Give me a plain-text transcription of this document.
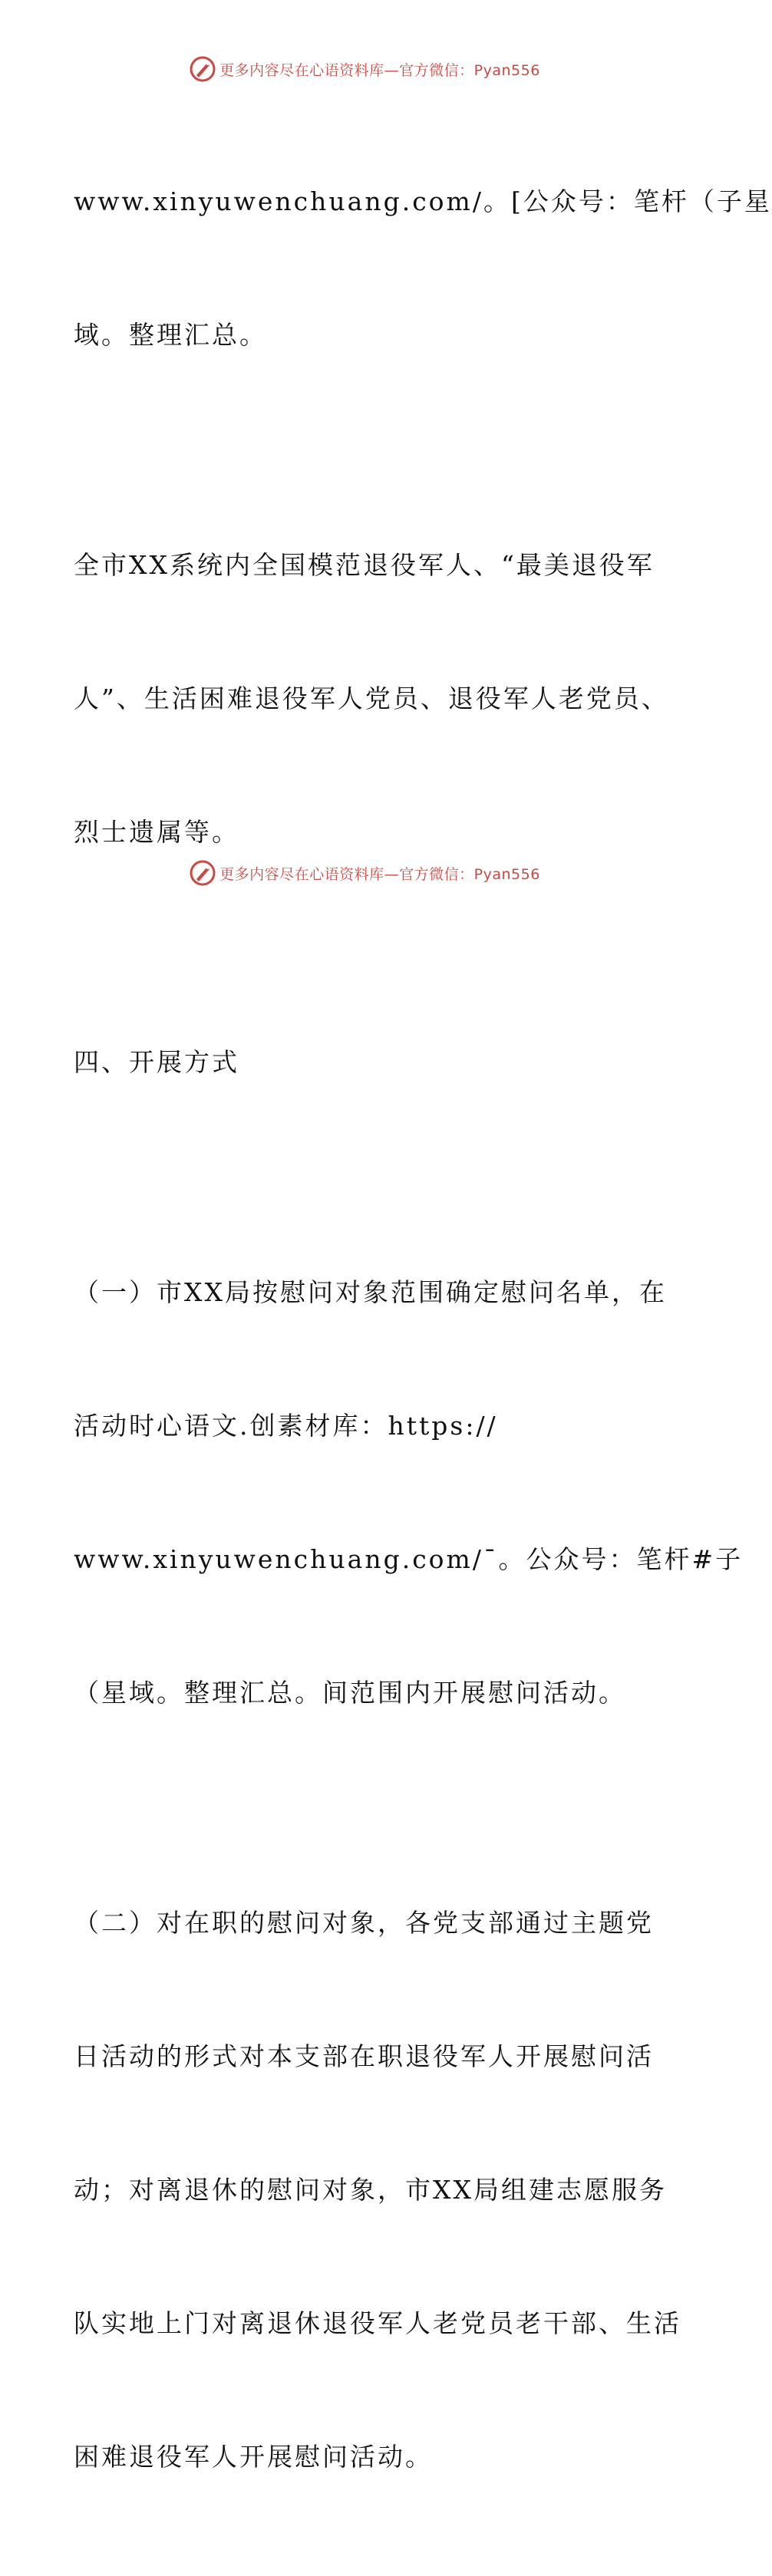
更多内容尽在心语资料库—官方微信：Pyan556

www.xinyuwenchuang.com/。[公众号：笔杆（子星

域。整理汇总。

全市XX系统内全国模范退役军人、“最美退役军

人”、生活困难退役军人党员、退役军人老党员、

烈士遗属等。

四、开展方式

（一）市XX局按慰问对象范围确定慰问名单，在

活动时心语文.创素材库：https://

www.xinyuwenchuang.com/¯。公众号：笔杆#子

（星域。整理汇总。间范围内开展慰问活动。

（二）对在职的慰问对象，各党支部通过主题党

日活动的形式对本支部在职退役军人开展慰问活

动；对离退休的慰问对象，市XX局组建志愿服务

队实地上门对离退休退役军人老党员老干部、生活

困难退役军人开展慰问活动。

更多内容尽在心语资料库—官方微信：Pyan556
